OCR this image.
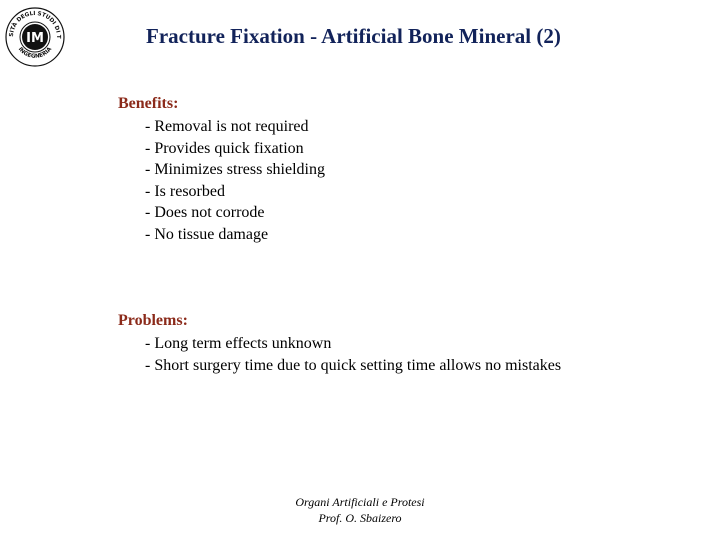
SITÀ DEGLI STUDI DI T
INGEGNERIA
IM	Fracture Fixation - Artificial Bone Mineral (2)
Benefits:
- Removal is not required
- Provides quick fixation
- Minimizes stress shielding
- Is resorbed
- Does not corrode
- No tissue damage
Problems:
- Long term effects unknown
- Short surgery time due to quick setting time allows no mistakes
Organi Artificiali e Protesi
Prof. O. Sbaizero
